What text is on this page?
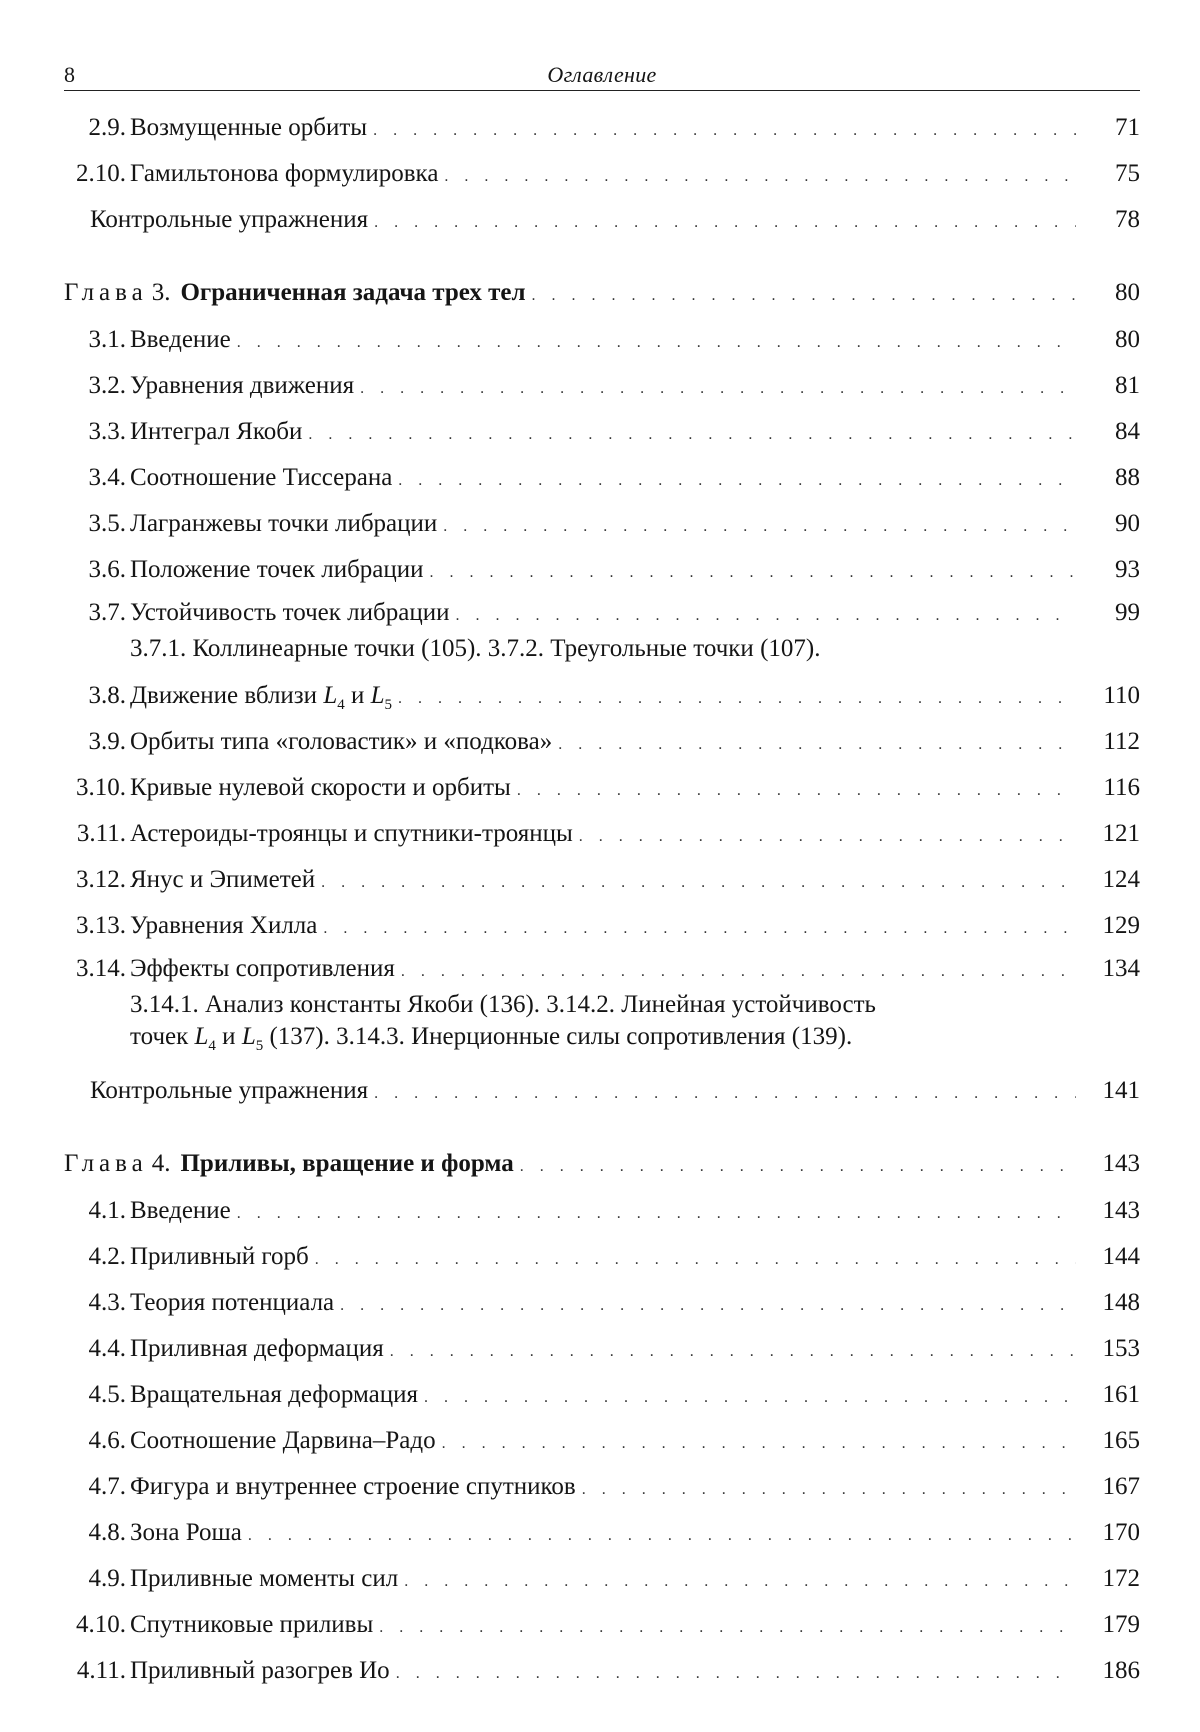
8	Оглавление
2.9. Возмущенные орбиты . . .	71
2.10. Гамильтонова формулировка . . .	75
Контрольные упражнения . . .	78
Глава 3. Ограниченная задача трех тел . . .	80
3.1. Введение . . .	80
3.2. Уравнения движения . . .	81
3.3. Интеграл Якоби . . .	84
3.4. Соотношение Тиссерана . . .	88
3.5. Лагранжевы точки либрации . . .	90
3.6. Положение точек либрации . . .	93
3.7. Устойчивость точек либрации . . .	99
3.7.1. Коллинеарные точки (105). 3.7.2. Треугольные точки (107).
3.8. Движение вблизи $L_4$ и $L_5$ . . .	110
3.9. Орбиты типа «головастик» и «подкова» . . .	112
3.10. Кривые нулевой скорости и орбиты . . .	116
3.11. Астероиды-троянцы и спутники-троянцы . . .	121
3.12. Янус и Эпиметей . . .	124
3.13. Уравнения Хилла . . .	129
3.14. Эффекты сопротивления . . .	134
3.14.1. Анализ константы Якоби (136). 3.14.2. Линейная устойчивость
точек $L_4$ и $L_5$ (137). 3.14.3. Инерционные силы сопротивления (139).
Контрольные упражнения . . .	141
Глава 4. Приливы, вращение и форма . . .	143
4.1. Введение . . .	143
4.2. Приливный горб . . .	144
4.3. Теория потенциала . . .	148
4.4. Приливная деформация . . .	153
4.5. Вращательная деформация . . .	161
4.6. Соотношение Дарвина–Радо . . .	165
4.7. Фигура и внутреннее строение спутников . . .	167
4.8. Зона Роша . . .	170
4.9. Приливные моменты сил . . .	172
4.10. Спутниковые приливы . . .	179
4.11. Приливный разогрев Ио . . .	186
